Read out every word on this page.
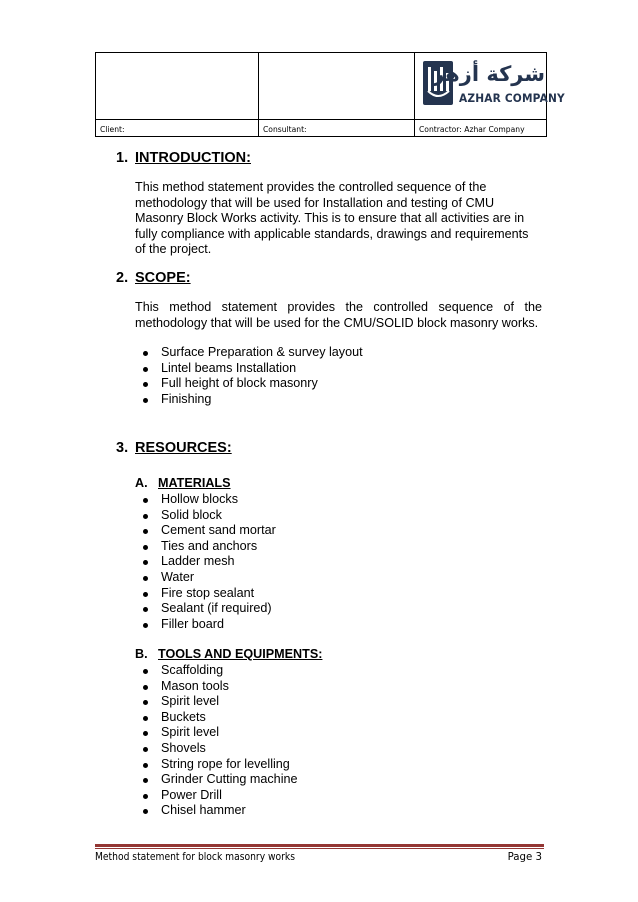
شركة أزهر
AZHAR COMPANY

Client:	Consultant:	Contractor: Azhar Company
1. INTRODUCTION:
This method statement provides the controlled sequence of the
methodology that will be used for Installation and testing of CMU
Masonry Block Works activity. This is to ensure that all activities are in
fully compliance with applicable standards, drawings and requirements
of the project.
2. SCOPE:
This method statement provides the controlled sequence of the
methodology that will be used for the CMU/SOLID block masonry works.
Surface Preparation & survey layout
Lintel beams Installation
Full height of block masonry
Finishing
3. RESOURCES:
A. MATERIALS
Hollow blocks
Solid block
Cement sand mortar
Ties and anchors
Ladder mesh
Water
Fire stop sealant
Sealant (if required)
Filler board
B. TOOLS AND EQUIPMENTS:
Scaffolding
Mason tools
Spirit level
Buckets
Spirit level
Shovels
String rope for levelling
Grinder Cutting machine
Power Drill
Chisel hammer
Method statement for block masonry works	Page 3
